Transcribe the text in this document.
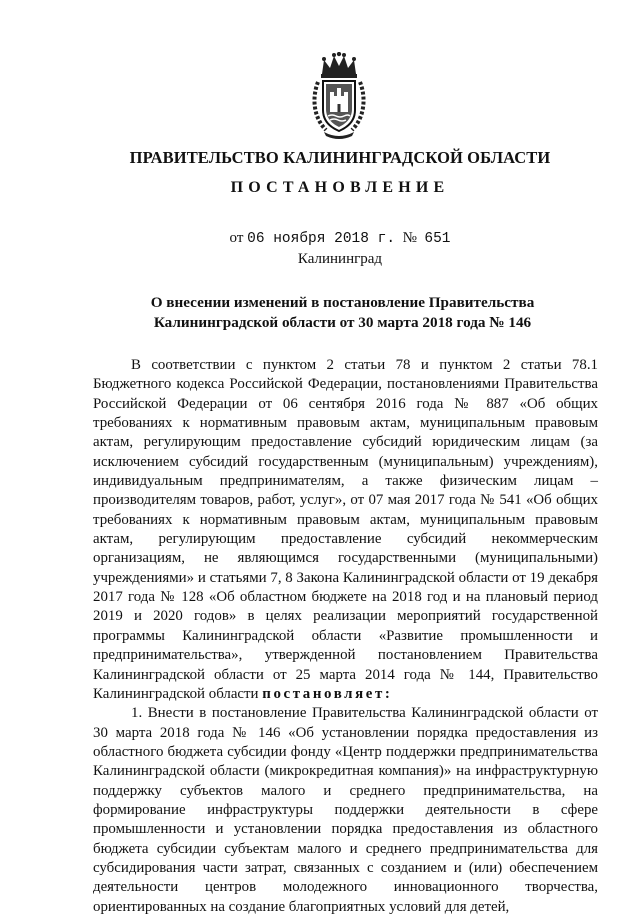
ПРАВИТЕЛЬСТВО КАЛИНИНГРАДСКОЙ ОБЛАСТИ
ПОСТАНОВЛЕНИЕ
от 06 ноября 2018 г. № 651
Калининград
О внесении изменений в постановление Правительства Калининградской области от 30 марта 2018 года № 146

В соответствии с пунктом 2 статьи 78 и пунктом 2 статьи 78.1 Бюджетного кодекса Российской Федерации, постановлениями Правительства Российской Федерации от 06 сентября 2016 года № 887 «Об общих требованиях к нормативным правовым актам, муниципальным правовым актам, регулирующим предоставление субсидий юридическим лицам (за исключением субсидий государственным (муниципальным) учреждениям), индивидуальным предпринимателям, а также физическим лицам – производителям товаров, работ, услуг», от 07 мая 2017 года № 541 «Об общих требованиях к нормативным правовым актам, муниципальным правовым актам, регулирующим предоставление субсидий некоммерческим организациям, не являющимся государственными (муниципальными) учреждениями» и статьями 7, 8 Закона Калининградской области от 19 декабря 2017 года № 128 «Об областном бюджете на 2018 год и на плановый период 2019 и 2020 годов» в целях реализации мероприятий государственной программы Калининградской области «Развитие промышленности и предпринимательства», утвержденной постановлением Правительства Калининградской области от 25 марта 2014 года № 144, Правительство Калининградской области постановляет:

1. Внести в постановление Правительства Калининградской области от 30 марта 2018 года № 146 «Об установлении порядка предоставления из областного бюджета субсидии фонду «Центр поддержки предпринимательства Калининградской области (микрокредитная компания)» на инфраструктурную поддержку субъектов малого и среднего предпринимательства, на формирование инфраструктуры поддержки деятельности в сфере промышленности и установлении порядка предоставления из областного бюджета субсидии субъектам малого и среднего предпринимательства для субсидирования части затрат, связанных с созданием и (или) обеспечением деятельности центров молодежного инновационного творчества, ориентированных на создание благоприятных условий для детей,
